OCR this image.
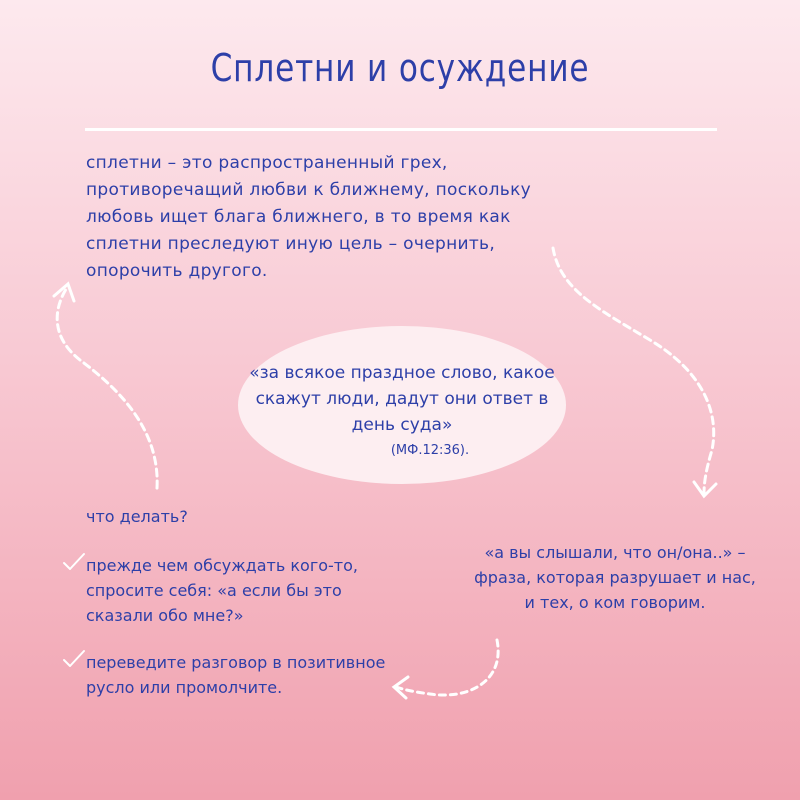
Сплетни и осуждение
сплетни – это распространенный грех, противоречащий любви к ближнему, поскольку любовь ищет блага ближнего, в то время как сплетни преследуют иную цель – очернить, опорочить другого.
«за всякое праздное слово, какое скажут люди, дадут они ответ в день суда»
(МФ.12:36).
что делать?
прежде чем обсуждать кого-то, спросите себя: «а если бы это сказали обо мне?»
переведите разговор в позитивное русло или промолчите.
«а вы слышали, что он/она..» – фраза, которая разрушает и нас, и тех, о ком говорим.
